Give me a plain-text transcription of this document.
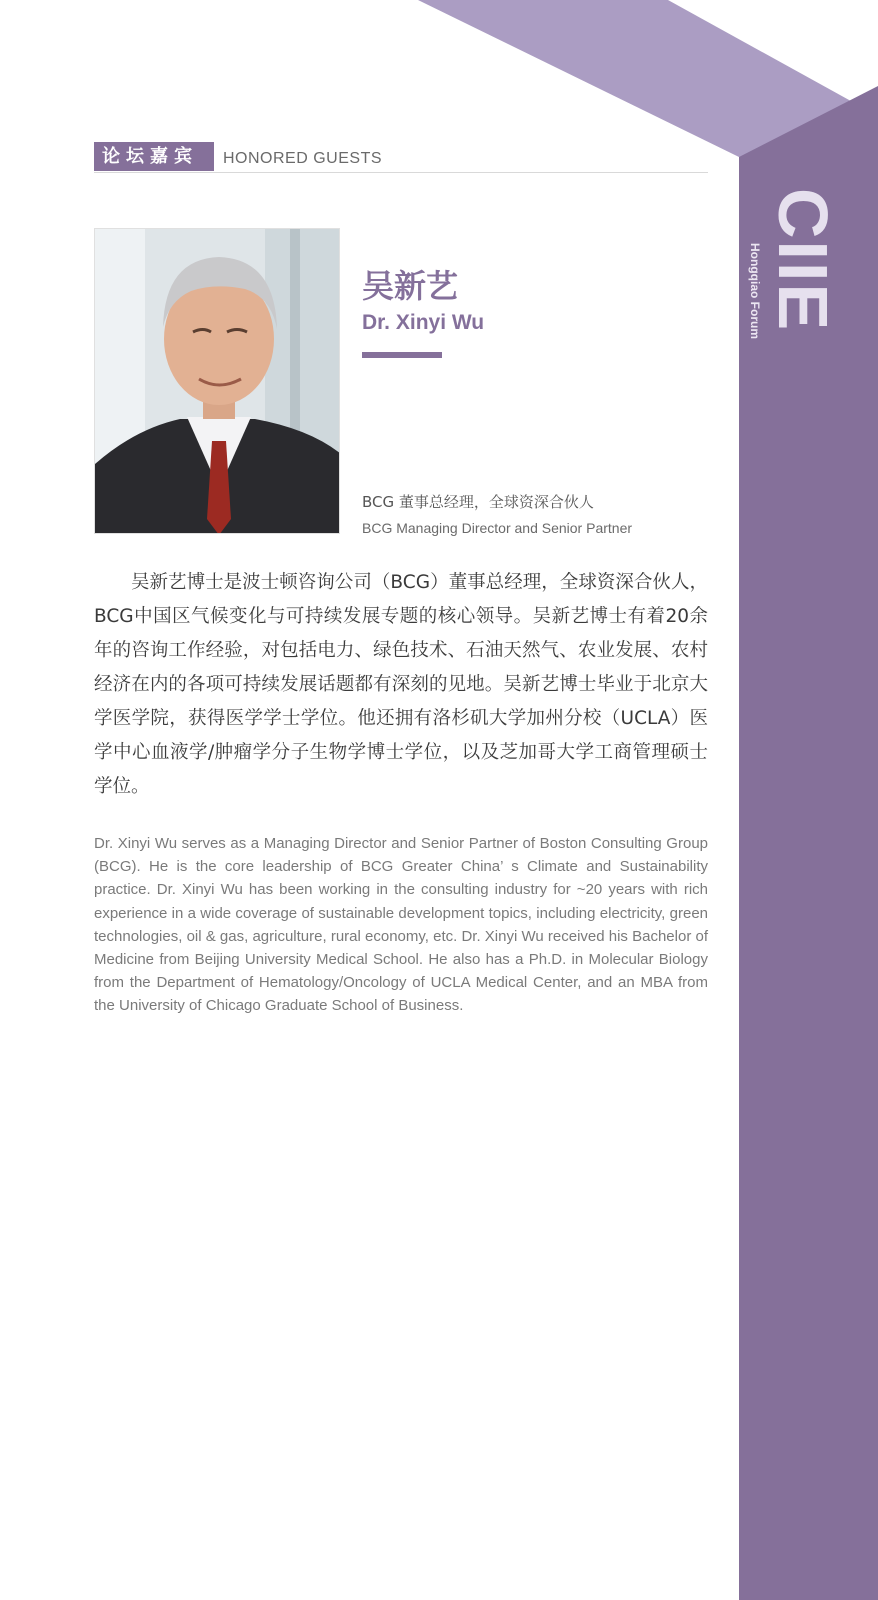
CIIE
Hongqiao Forum
论坛嘉宾	HONORED GUESTS
吴新艺
Dr. Xinyi Wu
BCG 董事总经理，全球资深合伙人
BCG Managing Director and Senior Partner

吴新艺博士是波士顿咨询公司（BCG）董事总经理，全球资深合伙人，BCG中国区气候变化与可持续发展专题的核心领导。吴新艺博士有着20余年的咨询工作经验，对包括电力、绿色技术、石油天然气、农业发展、农村经济在内的各项可持续发展话题都有深刻的见地。吴新艺博士毕业于北京大学医学院，获得医学学士学位。他还拥有洛杉矶大学加州分校（UCLA）医学中心血液学/肿瘤学分子生物学博士学位，以及芝加哥大学工商管理硕士学位。

Dr. Xinyi Wu serves as a Managing Director and Senior Partner of Boston Consulting Group (BCG). He is the core leadership of BCG Greater China’ s Climate and Sustainability practice. Dr. Xinyi Wu has been working in the consulting industry for ~20 years with rich experience in a wide coverage of sustainable development topics, including electricity, green technologies, oil & gas, agriculture, rural economy, etc. Dr. Xinyi Wu received his Bachelor of Medicine from Beijing University Medical School. He also has a Ph.D. in Molecular Biology from the Department of Hematology/Oncology of UCLA Medical Center, and an MBA from the University of Chicago Graduate School of Business.
